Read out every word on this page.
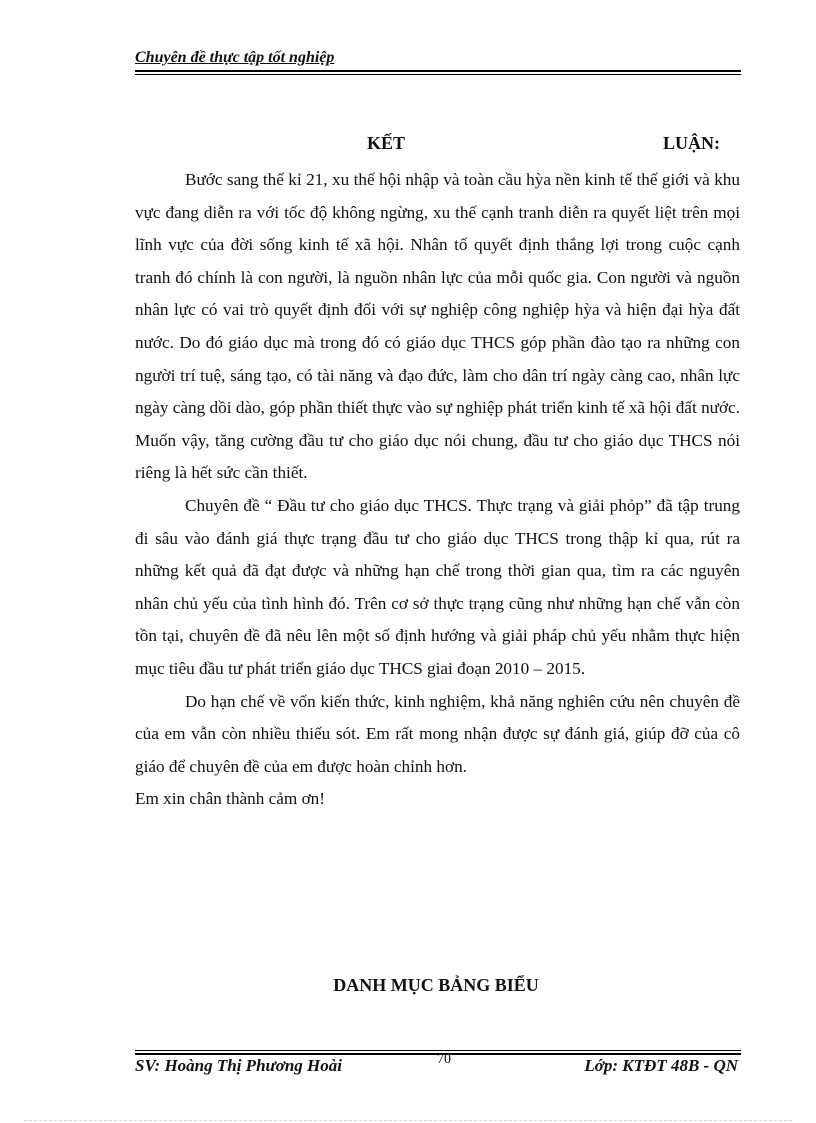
Chuyên đề thực tập tốt nghiệp
KẾT	LUẬN:

Bước sang thế kỉ 21, xu thế hội nhập và toàn cầu hỳa nền kinh tế thế giới và khu vực đang diễn ra với tốc độ không ngừng, xu thế cạnh tranh diễn ra quyết liệt trên mọi lĩnh vực của đời sống kinh tế xã hội. Nhân tố quyết định thắng lợi trong cuộc cạnh tranh đó chính là con người, là nguồn nhân lực của mỗi quốc gia. Con người và nguồn nhân lực có vai trò quyết định đối với sự nghiệp công nghiệp hỳa và hiện đại hỳa đất nước. Do đó giáo dục mà trong đó có giáo dục THCS góp phần đào tạo ra những con người trí tuệ, sáng tạo, có tài năng và đạo đức, làm cho dân trí ngày càng cao, nhân lực ngày càng dồi dào, góp phần thiết thực vào sự nghiệp phát triển kinh tế xã hội đất nước. Muốn vậy, tăng cường đầu tư cho giáo dục nói chung, đầu tư cho giáo dục THCS nói riêng là hết sức cần thiết.

Chuyên đề “ Đầu tư cho giáo dục THCS. Thực trạng và giải phỏp” đã tập trung đi sâu vào đánh giá thực trạng đầu tư cho giáo dục THCS trong thập kỉ qua, rút ra những kết quả đã đạt được và những hạn chế trong thời gian qua, tìm ra các nguyên nhân chủ yếu của tình hình đó. Trên cơ sở thực trạng cũng như những hạn chế vẫn còn tồn tại, chuyên đề đã nêu lên một số định hướng và giải pháp chủ yếu nhằm thực hiện mục tiêu đầu tư phát triển giáo dục THCS giai đoạn 2010 – 2015.

Do hạn chế về vốn kiến thức, kinh nghiệm, khả năng nghiên cứu nên chuyên đề của em vẫn còn nhiều thiếu sót. Em rất mong nhận được sự đánh giá, giúp đỡ của cô giáo để chuyên đề của em được hoàn chỉnh hơn.

Em xin chân thành cảm ơn!

DANH MỤC BẢNG BIỂU
SV: Hoàng Thị Phương Hoài	70	Lớp: KTĐT 48B - QN
